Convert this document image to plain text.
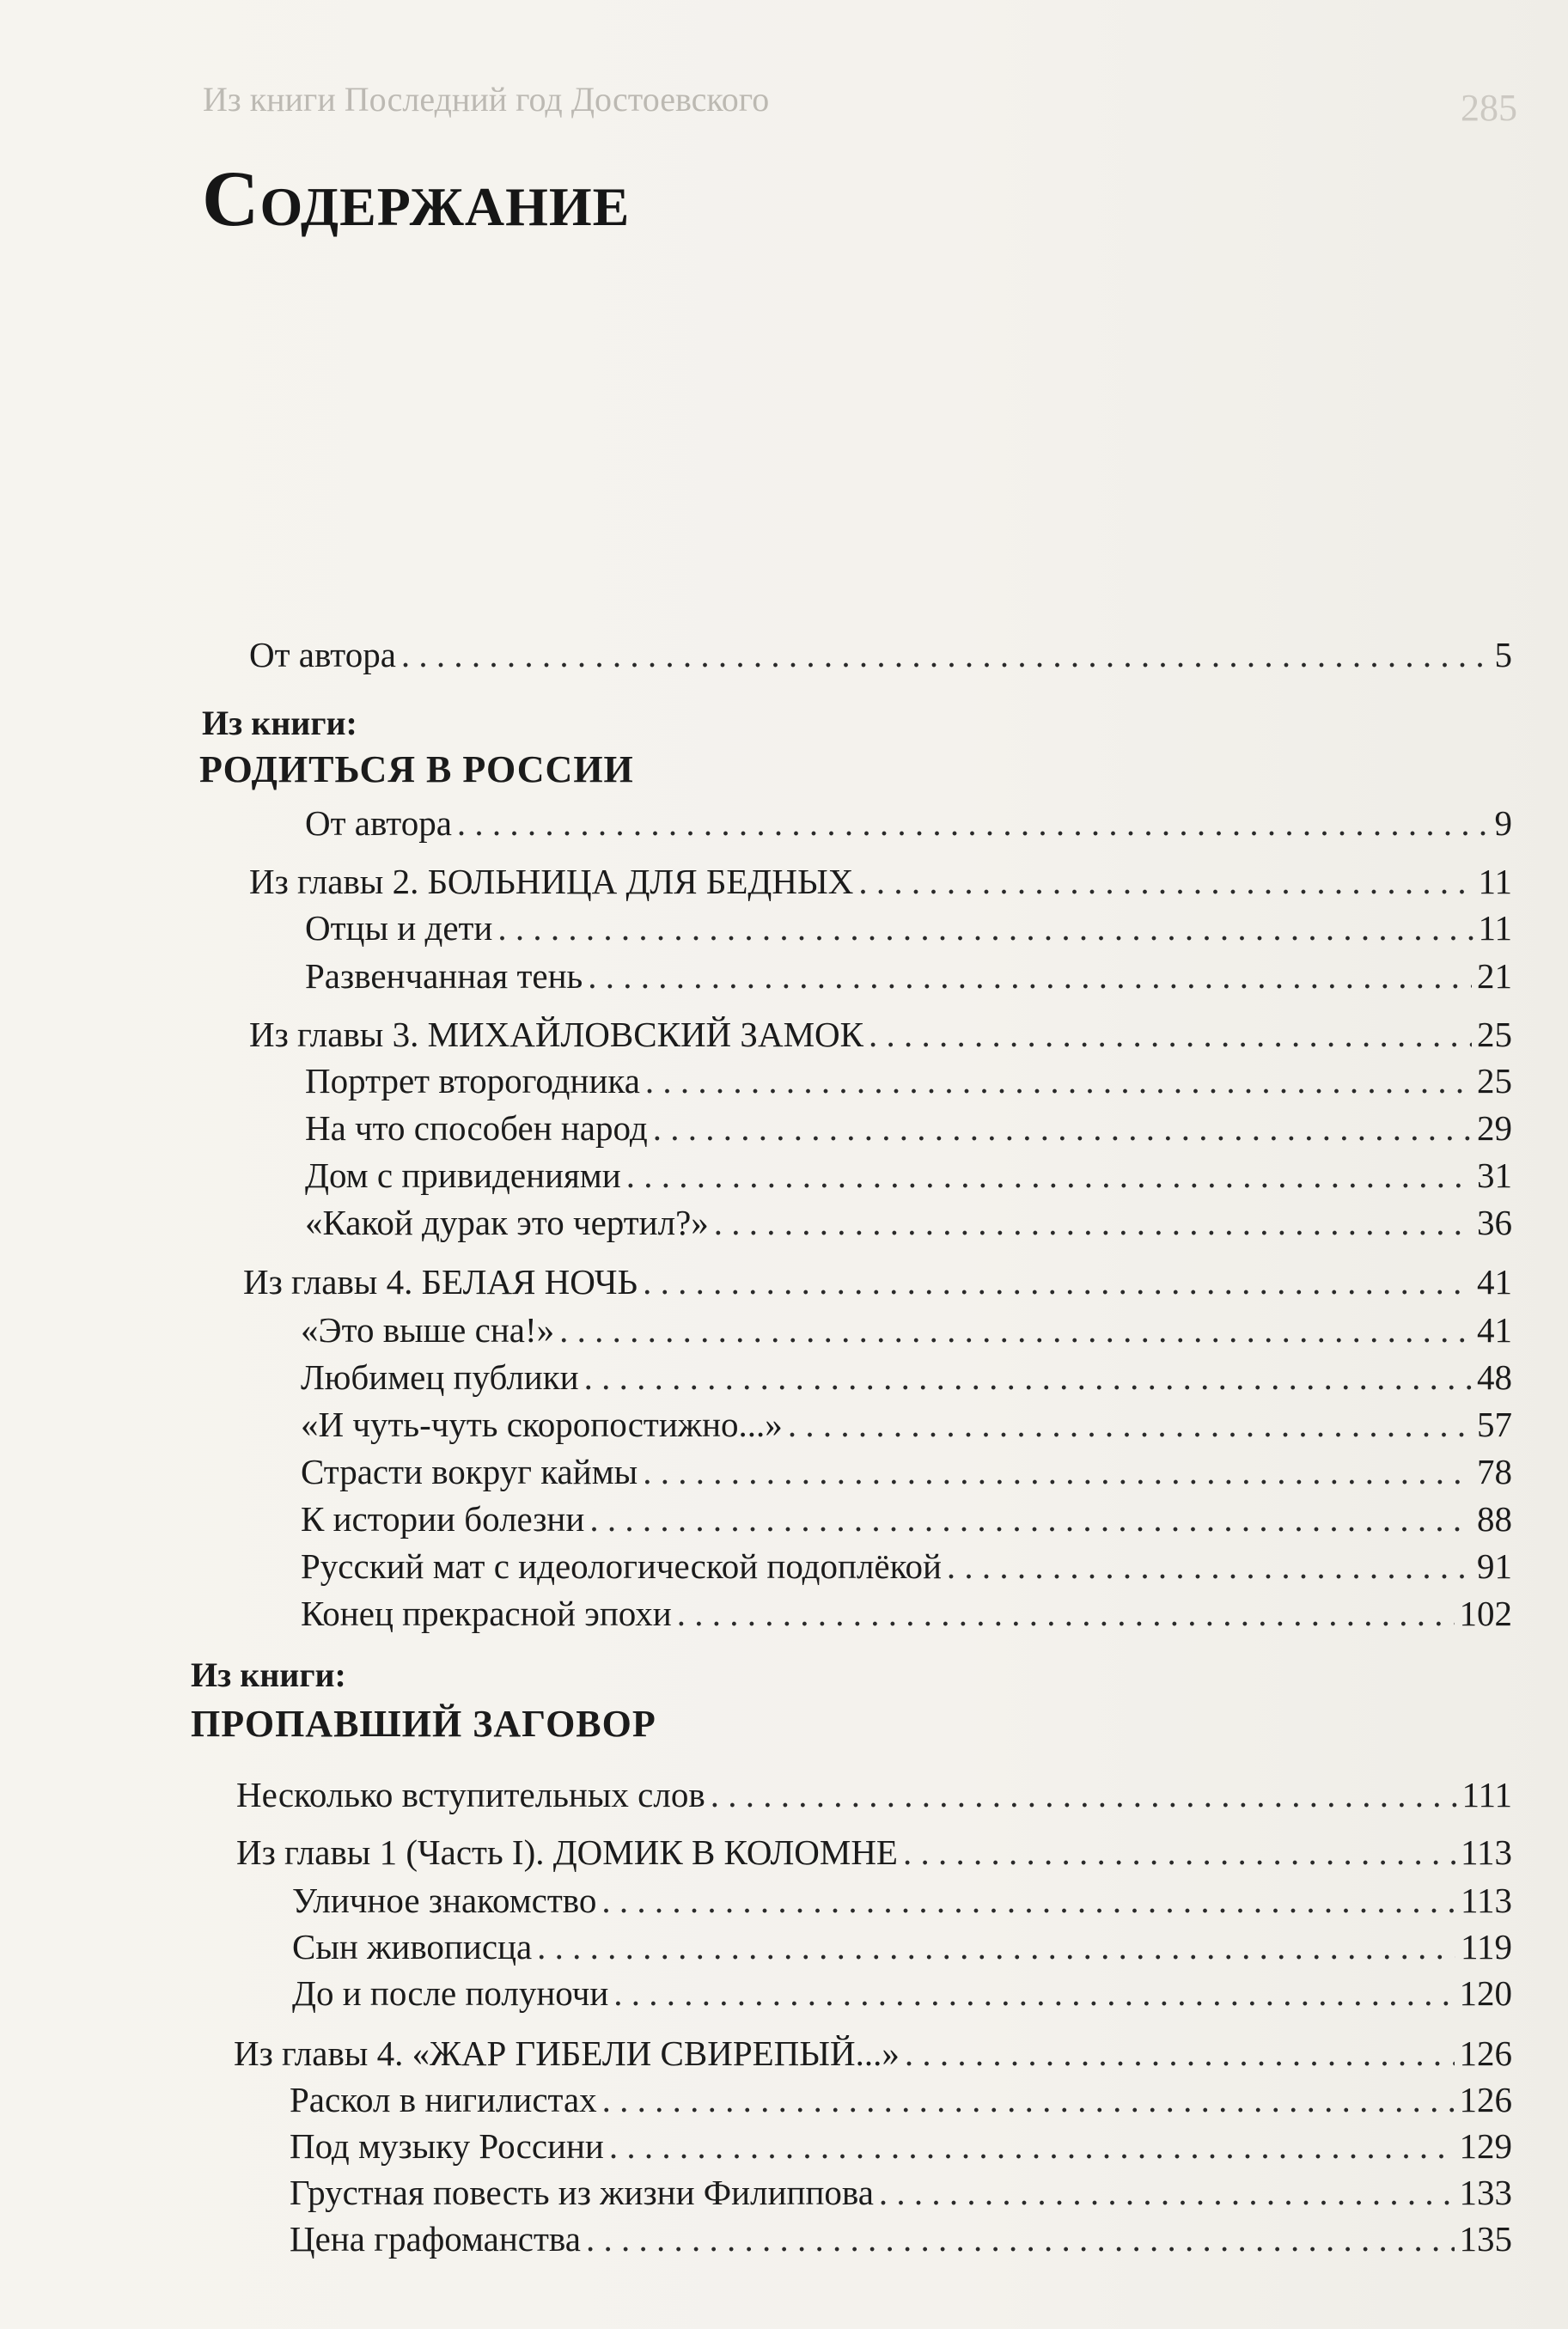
Из книги Последний год Достоевского	285
Содержание
От автора . . .	5
Из книги:
РОДИТЬСЯ В РОССИИ
От автора . . .	9
Из главы 2. БОЛЬНИЦА ДЛЯ БЕДНЫХ . . .	11
Отцы и дети . . .	11
Развенчанная тень . . .	21
Из главы 3. МИХАЙЛОВСКИЙ ЗАМОК . . .	25
Портрет второгодника . . .	25
На что способен народ . . .	29
Дом с привидениями . . .	31
«Какой дурак это чертил?» . . .	36
Из главы 4. БЕЛАЯ НОЧЬ . . .	41
«Это выше сна!» . . .	41
Любимец публики . . .	48
«И чуть-чуть скоропостижно...» . . .	57
Страсти вокруг каймы . . .	78
К истории болезни . . .	88
Русский мат с идеологической подоплёкой . . .	91
Конец прекрасной эпохи . . .	102
Из книги:
ПРОПАВШИЙ ЗАГОВОР
Несколько вступительных слов . . .	111
Из главы 1 (Часть I). ДОМИК В КОЛОМНЕ . . .	113
Уличное знакомство . . .	113
Сын живописца . . .	119
До и после полуночи . . .	120
Из главы 4. «ЖАР ГИБЕЛИ СВИРЕПЫЙ...» . . .	126
Раскол в нигилистах . . .	126
Под музыку Россини . . .	129
Грустная повесть из жизни Филиппова . . .	133
Цена графоманства . . .	135
